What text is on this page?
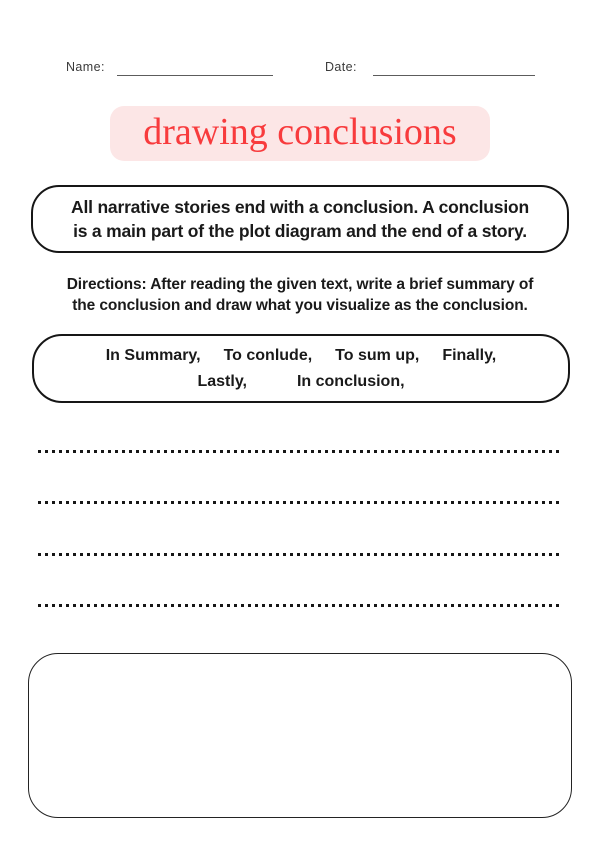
Name:	Date:
drawing conclusions
All narrative stories end with a conclusion. A conclusion
is a main part of the plot diagram and the end of a story.
Directions: After reading the given text, write a brief summary of
the conclusion and draw what you visualize as the conclusion.
In Summary, To conlude, To sum up, Finally,
Lastly,	In conclusion,
